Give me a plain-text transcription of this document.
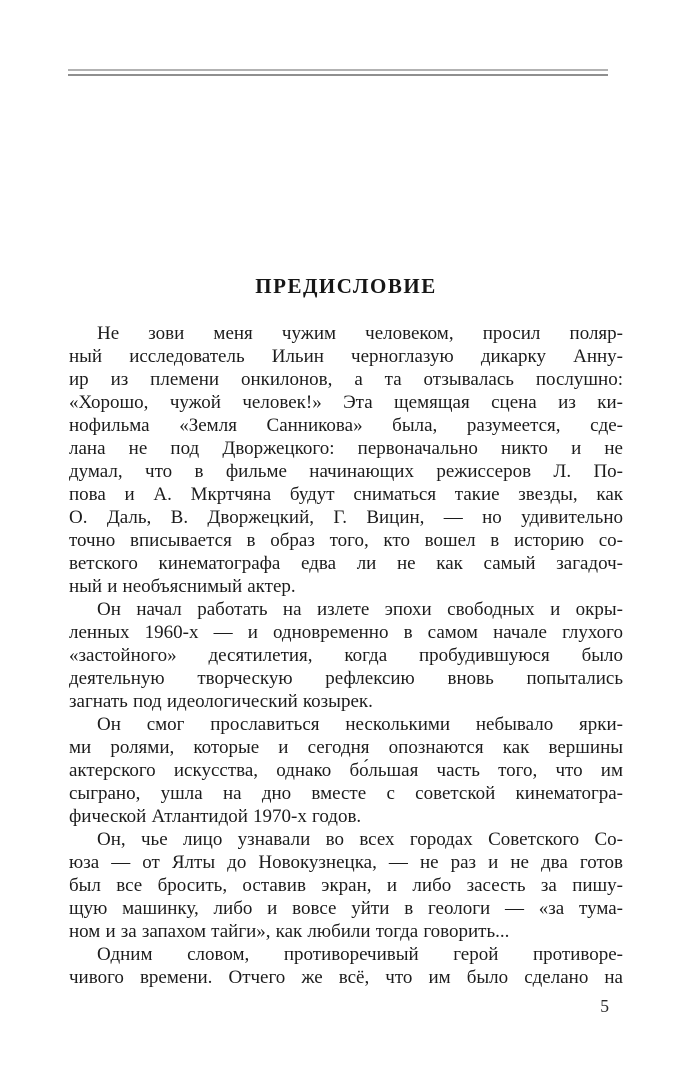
ПРЕДИСЛОВИЕ
Не зови меня чужим человеком, просил поляр-
ный исследователь Ильин черноглазую дикарку Анну-
ир из племени онкилонов, а та отзывалась послушно:
«Хорошо, чужой человек!» Эта щемящая сцена из ки-
нофильма «Земля Санникова» была, разумеется, сде-
лана не под Дворжецкого: первоначально никто и не
думал, что в фильме начинающих режиссеров Л. По-
пова и А. Мкртчяна будут сниматься такие звезды, как
О. Даль, В. Дворжецкий, Г. Вицин, — но удивительно
точно вписывается в образ того, кто вошел в историю со-
ветского кинематографа едва ли не как самый загадоч-
ный и необъяснимый актер.
Он начал работать на излете эпохи свободных и окры-
ленных 1960-х — и одновременно в самом начале глухого
«застойного» десятилетия, когда пробудившуюся было
деятельную творческую рефлексию вновь попытались
загнать под идеологический козырек.
Он смог прославиться несколькими небывало ярки-
ми ролями, которые и сегодня опознаются как вершины
актерского искусства, однако бо́льшая часть того, что им
сыграно, ушла на дно вместе с советской кинематогра-
фической Атлантидой 1970-х годов.
Он, чье лицо узнавали во всех городах Советского Со-
юза — от Ялты до Новокузнецка, — не раз и не два готов
был все бросить, оставив экран, и либо засесть за пишу-
щую машинку, либо и вовсе уйти в геологи — «за тума-
ном и за запахом тайги», как любили тогда говорить...
Одним словом, противоречивый герой противоре-
чивого времени. Отчего же всё, что им было сделано на
5
